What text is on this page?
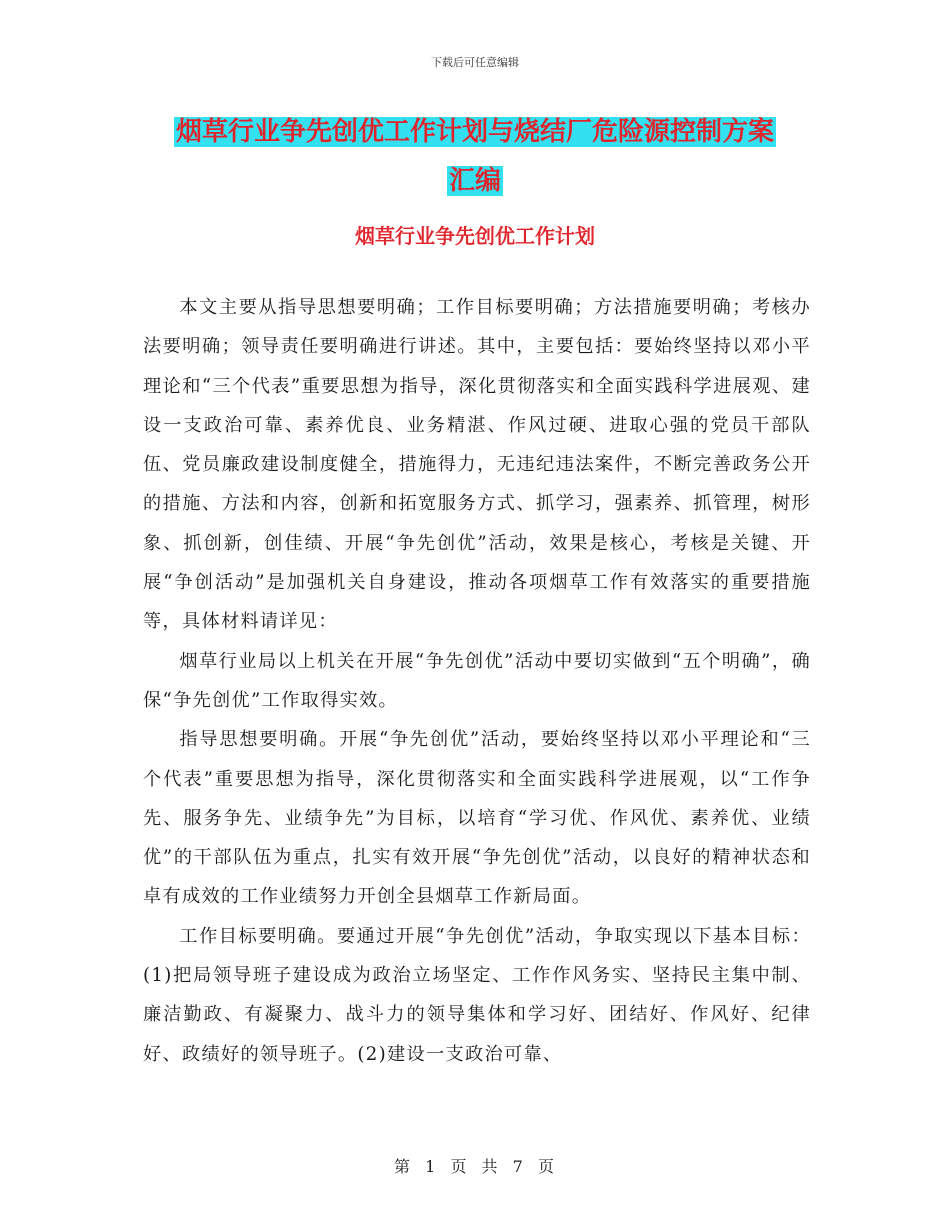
下载后可任意编辑
烟草行业争先创优工作计划与烧结厂危险源控制方案
汇编
烟草行业争先创优工作计划

本文主要从指导思想要明确；工作目标要明确；方法措施要明确；考核办法要明确；领导责任要明确进行讲述。其中，主要包括：要始终坚持以邓小平理论和“三个代表”重要思想为指导，深化贯彻落实和全面实践科学进展观、建设一支政治可靠、素养优良、业务精湛、作风过硬、进取心强的党员干部队伍、党员廉政建设制度健全，措施得力，无违纪违法案件，不断完善政务公开的措施、方法和内容，创新和拓宽服务方式、抓学习，强素养、抓管理，树形象、抓创新，创佳绩、开展“争先创优”活动，效果是核心，考核是关键、开展“争创活动”是加强机关自身建设，推动各项烟草工作有效落实的重要措施等，具体材料请详见：

烟草行业局以上机关在开展“争先创优”活动中要切实做到“五个明确”，确保“争先创优”工作取得实效。

指导思想要明确。开展“争先创优”活动，要始终坚持以邓小平理论和“三个代表”重要思想为指导，深化贯彻落实和全面实践科学进展观，以“工作争先、服务争先、业绩争先”为目标，以培育“学习优、作风优、素养优、业绩优”的干部队伍为重点，扎实有效开展“争先创优”活动，以良好的精神状态和卓有成效的工作业绩努力开创全县烟草工作新局面。

工作目标要明确。要通过开展“争先创优”活动，争取实现以下基本目标：(1)把局领导班子建设成为政治立场坚定、工作作风务实、坚持民主集中制、廉洁勤政、有凝聚力、战斗力的领导集体和学习好、团结好、作风好、纪律好、政绩好的领导班子。(2)建设一支政治可靠、

第 1 页 共 7 页
